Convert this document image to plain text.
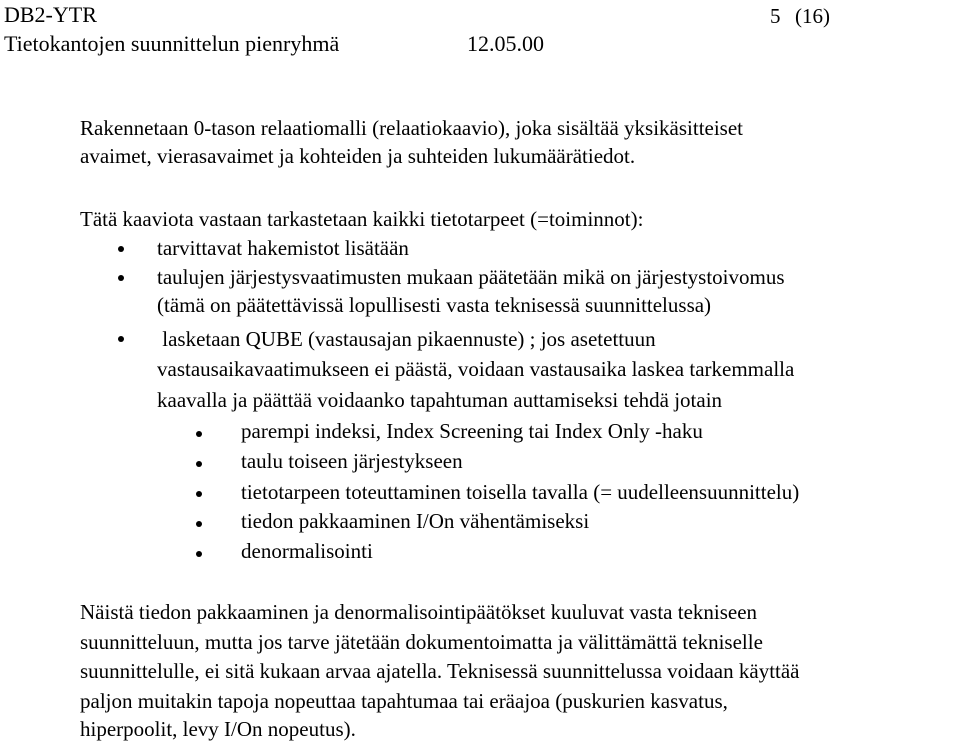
DB2-YTR
Tietokantojen suunnittelun pienryhmä	12.05.00
5 (16)
Rakennetaan 0-tason relaatiomalli (relaatiokaavio), joka sisältää yksikäsitteiset
avaimet, vierasavaimet ja kohteiden ja suhteiden lukumäärätiedot.
Tätä kaaviota vastaan tarkastetaan kaikki tietotarpeet (=toiminnot):
tarvittavat hakemistot lisätään
taulujen järjestysvaatimusten mukaan päätetään mikä on järjestystoivomus
(tämä on päätettävissä lopullisesti vasta teknisessä suunnittelussa)
lasketaan QUBE (vastausajan pikaennuste) ; jos asetettuun
vastausaikavaatimukseen ei päästä, voidaan vastausaika laskea tarkemmalla
kaavalla ja päättää voidaanko tapahtuman auttamiseksi tehdä jotain
parempi indeksi, Index Screening tai Index Only -haku
taulu toiseen järjestykseen
tietotarpeen toteuttaminen toisella tavalla (= uudelleensuunnittelu)
tiedon pakkaaminen I/On vähentämiseksi
denormalisointi
Näistä tiedon pakkaaminen ja denormalisointipäätökset kuuluvat vasta tekniseen
suunnitteluun, mutta jos tarve jätetään dokumentoimatta ja välittämättä tekniselle
suunnittelulle, ei sitä kukaan arvaa ajatella. Teknisessä suunnittelussa voidaan käyttää
paljon muitakin tapoja nopeuttaa tapahtumaa tai eräajoa (puskurien kasvatus,
hiperpoolit, levy I/On nopeutus).
